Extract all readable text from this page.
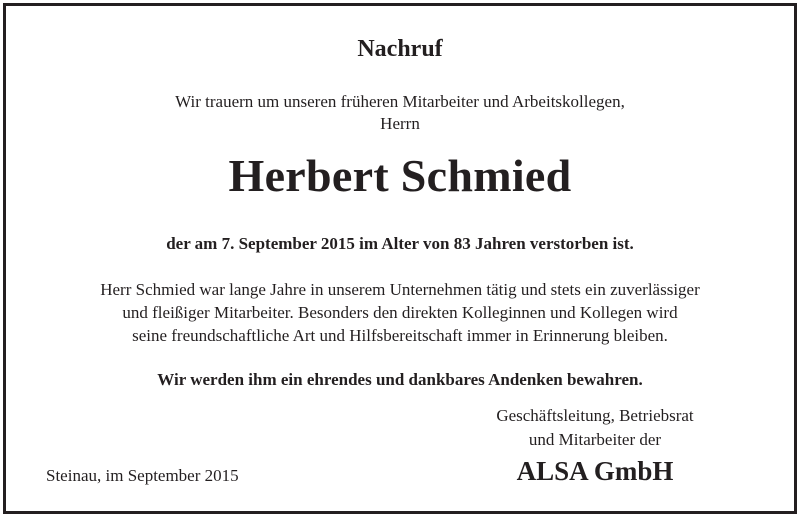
Nachruf
Wir trauern um unseren früheren Mitarbeiter und Arbeitskollegen,
Herrn
Herbert Schmied
der am 7. September 2015 im Alter von 83 Jahren verstorben ist.
Herr Schmied war lange Jahre in unserem Unternehmen tätig und stets ein zuverlässiger
und fleißiger Mitarbeiter. Besonders den direkten Kolleginnen und Kollegen wird
seine freundschaftliche Art und Hilfsbereitschaft immer in Erinnerung bleiben.
Wir werden ihm ein ehrendes und dankbares Andenken bewahren.
Geschäftsleitung, Betriebsrat
und Mitarbeiter der
ALSA GmbH
Steinau, im September 2015
